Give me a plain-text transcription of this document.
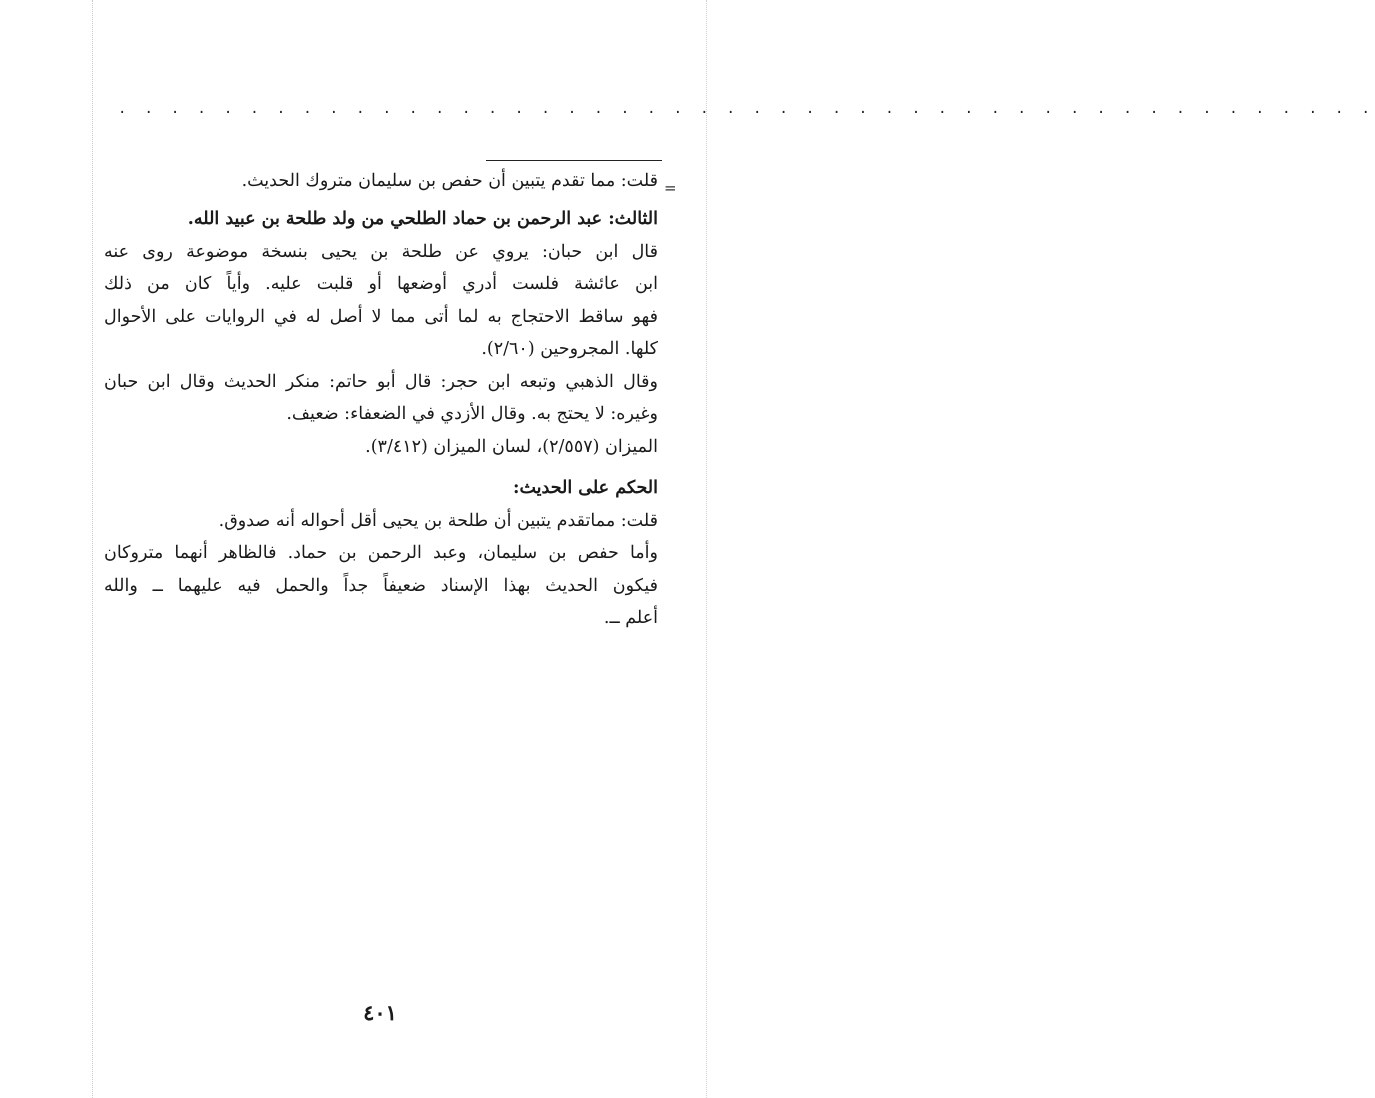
. . . . . . . . . . . . . . . . . . . . . . . . . . . . . . . . . . . . . . . . . . . . . . . .
=
قلت: مما تقدم يتبين أن حفص بن سليمان متروك الحديث.
الثالث: عبد الرحمن بن حماد الطلحي من ولد طلحة بن عبيد الله.
قال ابن حبان: يروي عن طلحة بن يحيى بنسخة موضوعة روى عنه
ابن عائشة فلست أدري أوضعها أو قلبت عليه. وأياً كان من ذلك
فهو ساقط الاحتجاج به لما أتى مما لا أصل له في الروايات على الأحوال
كلها. المجروحين (٢/٦٠).
وقال الذهبي وتبعه ابن حجر: قال أبو حاتم: منكر الحديث وقال ابن حبان
وغيره: لا يحتج به. وقال الأزدي في الضعفاء: ضعيف.
الميزان (٢/٥٥٧)، لسان الميزان (٣/٤١٢).
الحكم على الحديث:
قلت: مماتقدم يتبين أن طلحة بن يحيى أقل أحواله أنه صدوق.
وأما حفص بن سليمان، وعبد الرحمن بن حماد. فالظاهر أنهما متروكان
فيكون الحديث بهذا الإسناد ضعيفاً جداً والحمل فيه عليهما ــ والله
أعلم ــ.
٤٠١
